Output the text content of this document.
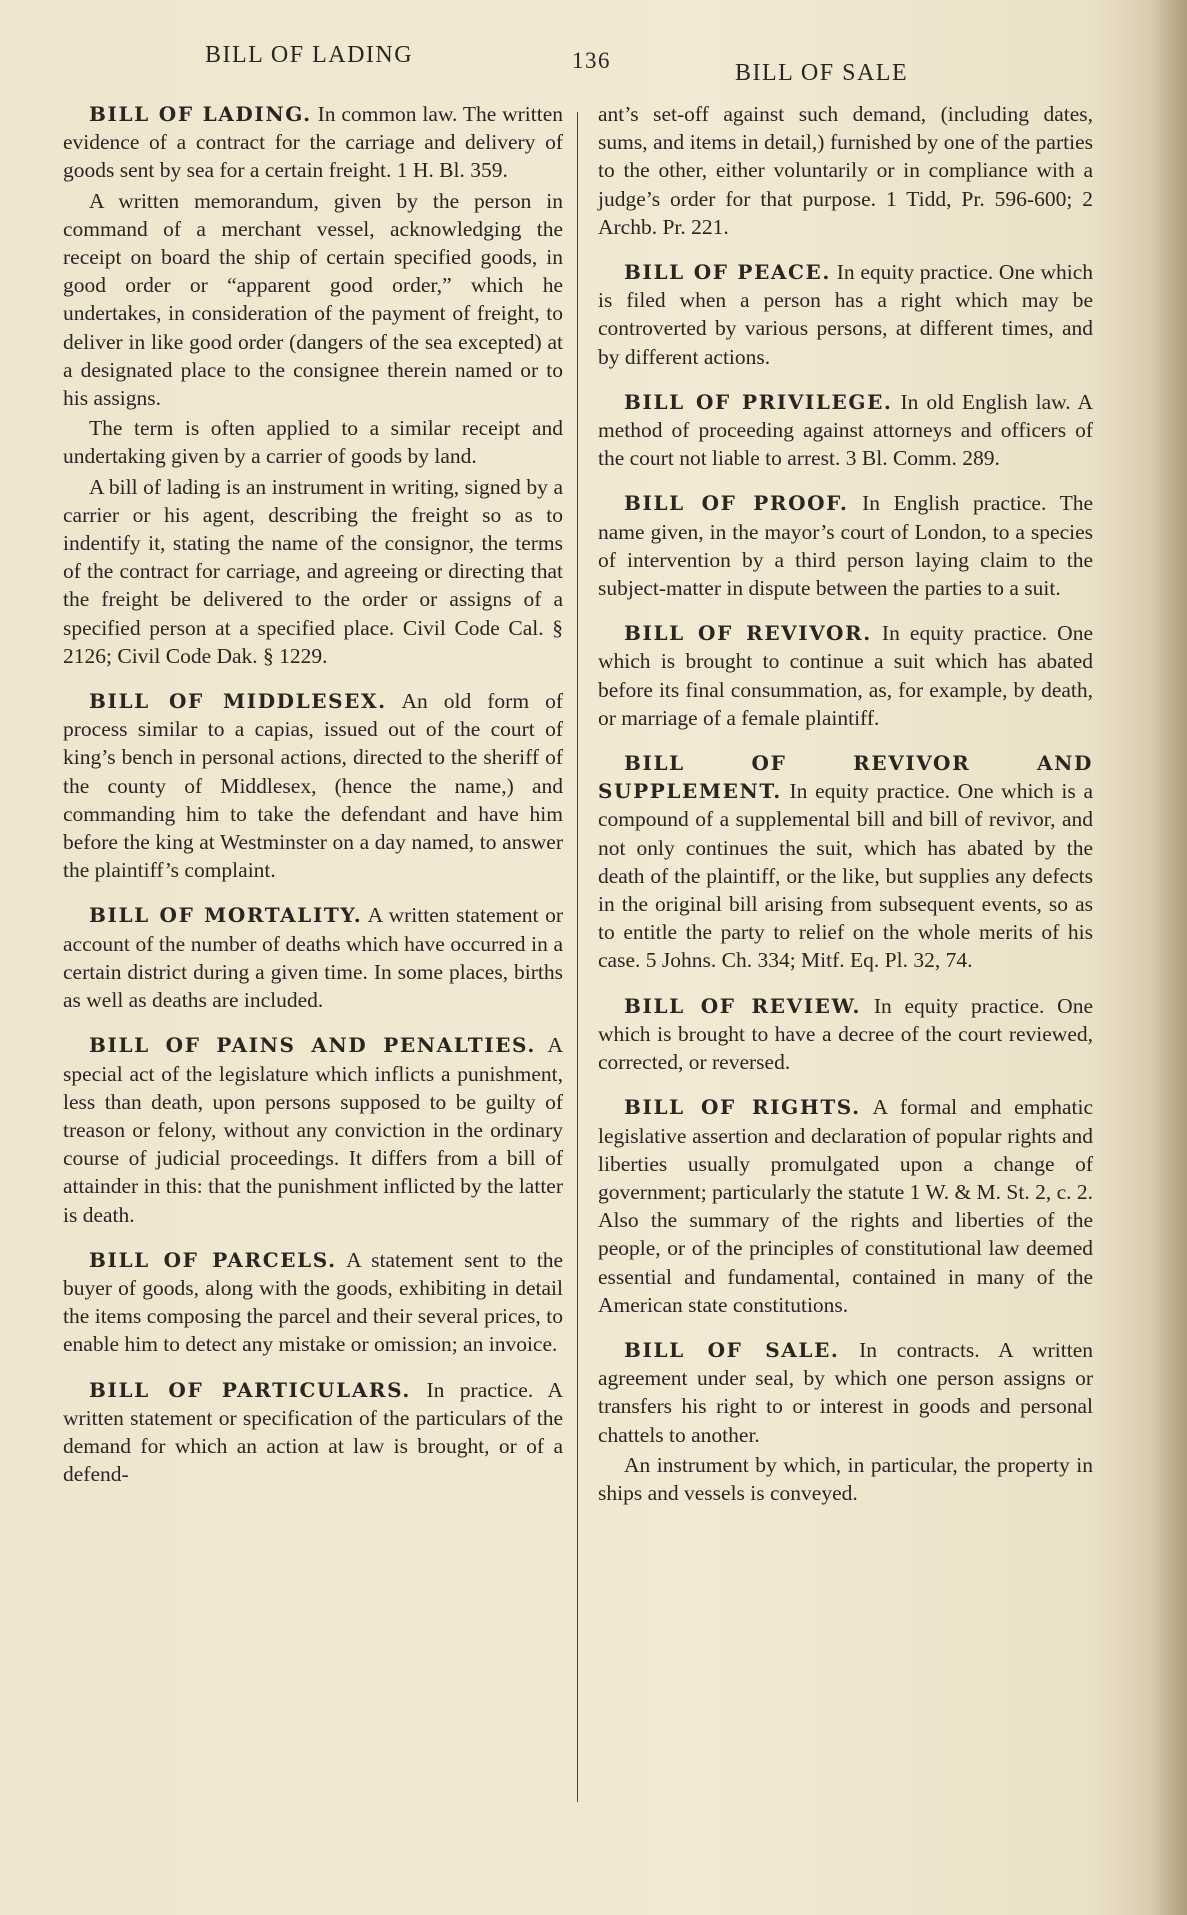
BILL OF LADING	136	BILL OF SALE

BILL OF LADING. In common law. The written evidence of a contract for the carriage and delivery of goods sent by sea for a certain freight. 1 H. Bl. 359.

A written memorandum, given by the person in command of a merchant vessel, acknowledging the receipt on board the ship of certain specified goods, in good order or “apparent good order,” which he undertakes, in consideration of the payment of freight, to deliver in like good order (dangers of the sea excepted) at a designated place to the consignee therein named or to his assigns.

The term is often applied to a similar receipt and undertaking given by a carrier of goods by land.

A bill of lading is an instrument in writing, signed by a carrier or his agent, describing the freight so as to indentify it, stating the name of the consignor, the terms of the contract for carriage, and agreeing or directing that the freight be delivered to the order or assigns of a specified person at a specified place. Civil Code Cal. § 2126; Civil Code Dak. § 1229.

BILL OF MIDDLESEX. An old form of process similar to a capias, issued out of the court of king’s bench in personal actions, directed to the sheriff of the county of Middlesex, (hence the name,) and commanding him to take the defendant and have him before the king at Westminster on a day named, to answer the plaintiff’s complaint.

BILL OF MORTALITY. A written statement or account of the number of deaths which have occurred in a certain district during a given time. In some places, births as well as deaths are included.

BILL OF PAINS AND PENALTIES. A special act of the legislature which inflicts a punishment, less than death, upon persons supposed to be guilty of treason or felony, without any conviction in the ordinary course of judicial proceedings. It differs from a bill of attainder in this: that the punishment inflicted by the latter is death.

BILL OF PARCELS. A statement sent to the buyer of goods, along with the goods, exhibiting in detail the items composing the parcel and their several prices, to enable him to detect any mistake or omission; an invoice.

BILL OF PARTICULARS. In practice. A written statement or specification of the particulars of the demand for which an action at law is brought, or of a defend-

ant’s set-off against such demand, (including dates, sums, and items in detail,) furnished by one of the parties to the other, either voluntarily or in compliance with a judge’s order for that purpose. 1 Tidd, Pr. 596-600; 2 Archb. Pr. 221.

BILL OF PEACE. In equity practice. One which is filed when a person has a right which may be controverted by various persons, at different times, and by different actions.

BILL OF PRIVILEGE. In old English law. A method of proceeding against attorneys and officers of the court not liable to arrest. 3 Bl. Comm. 289.

BILL OF PROOF. In English practice. The name given, in the mayor’s court of London, to a species of intervention by a third person laying claim to the subject-matter in dispute between the parties to a suit.

BILL OF REVIVOR. In equity practice. One which is brought to continue a suit which has abated before its final consummation, as, for example, by death, or marriage of a female plaintiff.

BILL OF REVIVOR AND SUPPLEMENT. In equity practice. One which is a compound of a supplemental bill and bill of revivor, and not only continues the suit, which has abated by the death of the plaintiff, or the like, but supplies any defects in the original bill arising from subsequent events, so as to entitle the party to relief on the whole merits of his case. 5 Johns. Ch. 334; Mitf. Eq. Pl. 32, 74.

BILL OF REVIEW. In equity practice. One which is brought to have a decree of the court reviewed, corrected, or reversed.

BILL OF RIGHTS. A formal and emphatic legislative assertion and declaration of popular rights and liberties usually promulgated upon a change of government; particularly the statute 1 W. & M. St. 2, c. 2. Also the summary of the rights and liberties of the people, or of the principles of constitutional law deemed essential and fundamental, contained in many of the American state constitutions.

BILL OF SALE. In contracts. A written agreement under seal, by which one person assigns or transfers his right to or interest in goods and personal chattels to another.

An instrument by which, in particular, the property in ships and vessels is conveyed.
